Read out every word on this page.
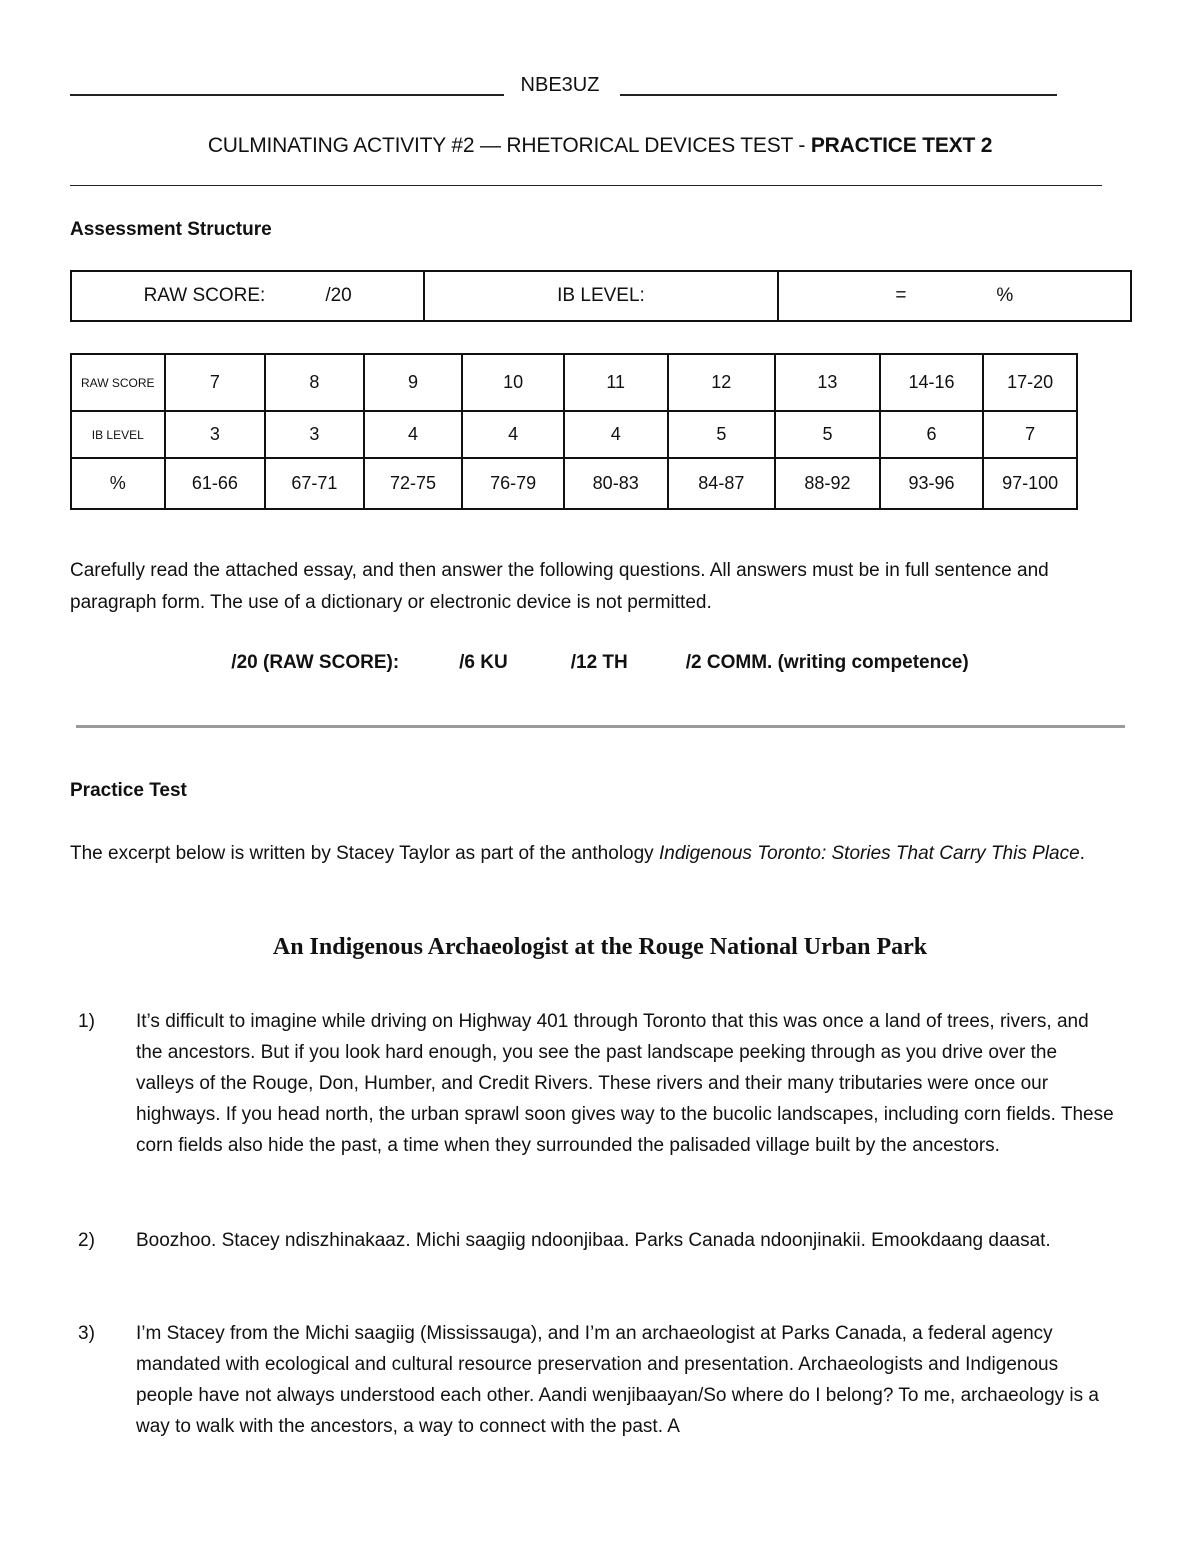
NBE3UZ
CULMINATING ACTIVITY #2 — RHETORICAL DEVICES TEST - PRACTICE TEXT 2
Assessment Structure
RAW SCORE:	/20	IB LEVEL:	=	%
RAW SCORE	7	8	9	10	11	12	13	14-16	17-20
IB LEVEL	3	3	4	4	4	5	5	6	7
%	61-66	67-71	72-75	76-79	80-83	84-87	88-92	93-96	97-100
Carefully read the attached essay, and then answer the following questions. All answers must be in full sentence and paragraph form. The use of a dictionary or electronic device is not permitted.
/20 (RAW SCORE):	/6 KU	/12 TH	/2 COMM. (writing competence)
Practice Test
The excerpt below is written by Stacey Taylor as part of the anthology Indigenous Toronto: Stories That Carry This Place.
An Indigenous Archaeologist at the Rouge National Urban Park
1) It’s difficult to imagine while driving on Highway 401 through Toronto that this was once a land of trees, rivers, and the ancestors. But if you look hard enough, you see the past landscape peeking through as you drive over the valleys of the Rouge, Don, Humber, and Credit Rivers. These rivers and their many tributaries were once our highways. If you head north, the urban sprawl soon gives way to the bucolic landscapes, including corn fields. These corn fields also hide the past, a time when they surrounded the palisaded village built by the ancestors.
2) Boozhoo. Stacey ndiszhinakaaz. Michi saagiig ndoonjibaa. Parks Canada ndoonjinakii. Emookdaang daasat.
3) I’m Stacey from the Michi saagiig (Mississauga), and I’m an archaeologist at Parks Canada, a federal agency mandated with ecological and cultural resource preservation and presentation. Archaeologists and Indigenous people have not always understood each other. Aandi wenjibaayan/So where do I belong? To me, archaeology is a way to walk with the ancestors, a way to connect with the past. A
